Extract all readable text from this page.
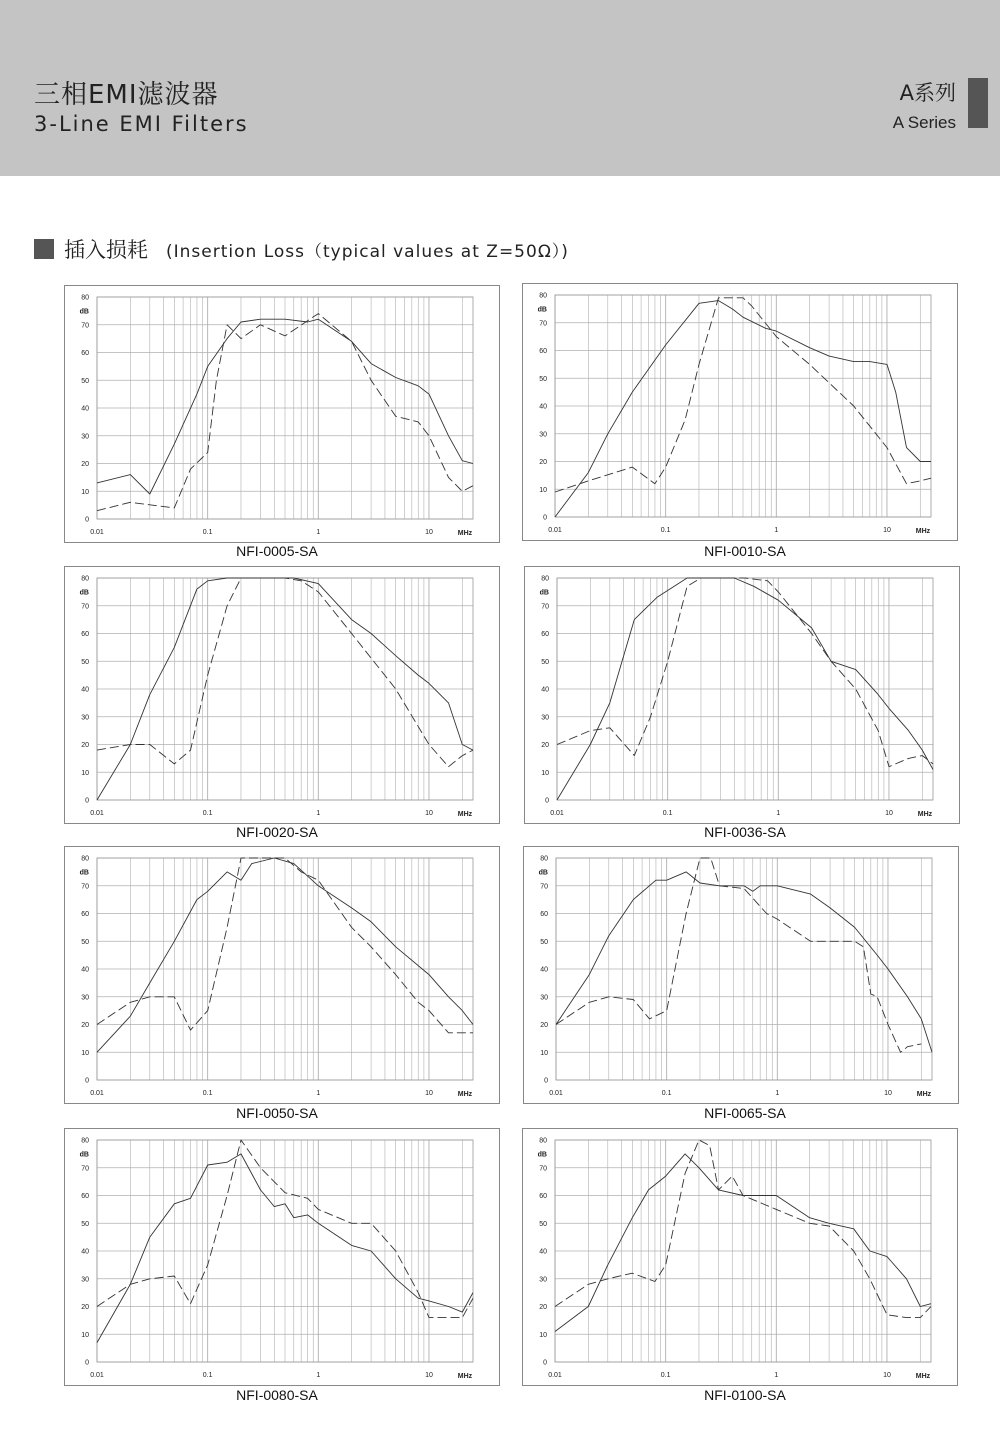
三相EMI滤波器
3-Line EMI Filters
A系列
A Series
插入损耗 (Insertion Loss（typical values at Z=50Ω）)
0
10
20
30
40
50
60
70
80
dB
0.01	0.1	1	10	MHz
NFI-0005-SA
0
10
20
30
40
50
60
70
80
dB
0.01	0.1	1	10	MHz
NFI-0010-SA
0
10
20
30
40
50
60
70
80
dB
0.01	0.1	1	10	MHz
NFI-0020-SA
0
10
20
30
40
50
60
70
80
dB
0.01	0.1	1	10	MHz
NFI-0036-SA
0
10
20
30
40
50
60
70
80
dB
0.01	0.1	1	10	MHz
NFI-0050-SA
0
10
20
30
40
50
60
70
80
dB
0.01	0.1	1	10	MHz
NFI-0065-SA
0
10
20
30
40
50
60
70
80
dB
0.01	0.1	1	10	MHz
NFI-0080-SA
0
10
20
30
40
50
60
70
80
dB
0.01	0.1	1	10	MHz
NFI-0100-SA
